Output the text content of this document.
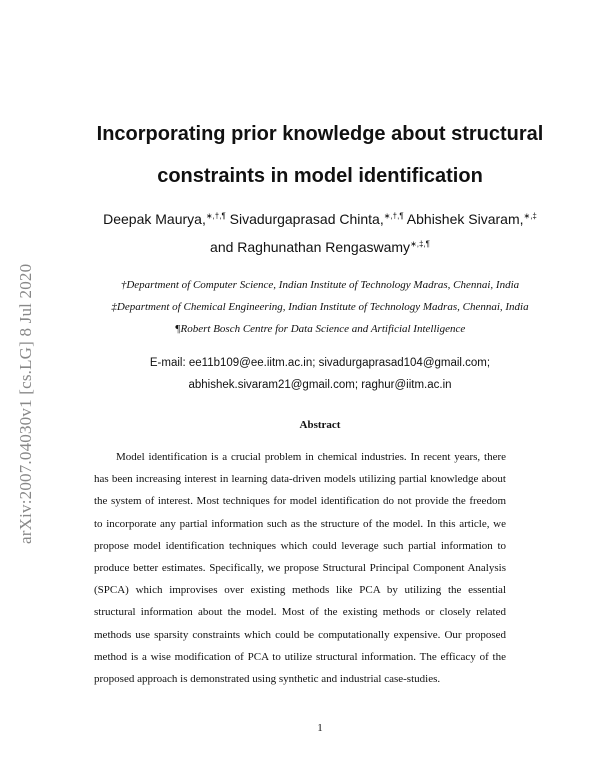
arXiv:2007.04030v1 [cs.LG] 8 Jul 2020
Incorporating prior knowledge about structural
constraints in model identification
Deepak Maurya,∗,†,¶ Sivadurgaprasad Chinta,∗,†,¶ Abhishek Sivaram,∗,‡
and Raghunathan Rengaswamy∗,‡,¶
†Department of Computer Science, Indian Institute of Technology Madras, Chennai, India
‡Department of Chemical Engineering, Indian Institute of Technology Madras, Chennai, India
¶Robert Bosch Centre for Data Science and Artificial Intelligence
E-mail: ee11b109@ee.iitm.ac.in; sivadurgaprasad104@gmail.com;
abhishek.sivaram21@gmail.com; raghur@iitm.ac.in
Abstract

Model identification is a crucial problem in chemical industries. In recent years, there has been increasing interest in learning data-driven models utilizing partial knowledge about the system of interest. Most techniques for model identification do not provide the freedom to incorporate any partial information such as the structure of the model. In this article, we propose model identification techniques which could leverage such partial information to produce better estimates. Specifically, we propose Structural Principal Component Analysis (SPCA) which improvises over existing methods like PCA by utilizing the essential structural information about the model. Most of the existing methods or closely related methods use sparsity constraints which could be computationally expensive. Our proposed method is a wise modification of PCA to utilize structural information. The efficacy of the proposed approach is demonstrated using synthetic and industrial case-studies.

1
